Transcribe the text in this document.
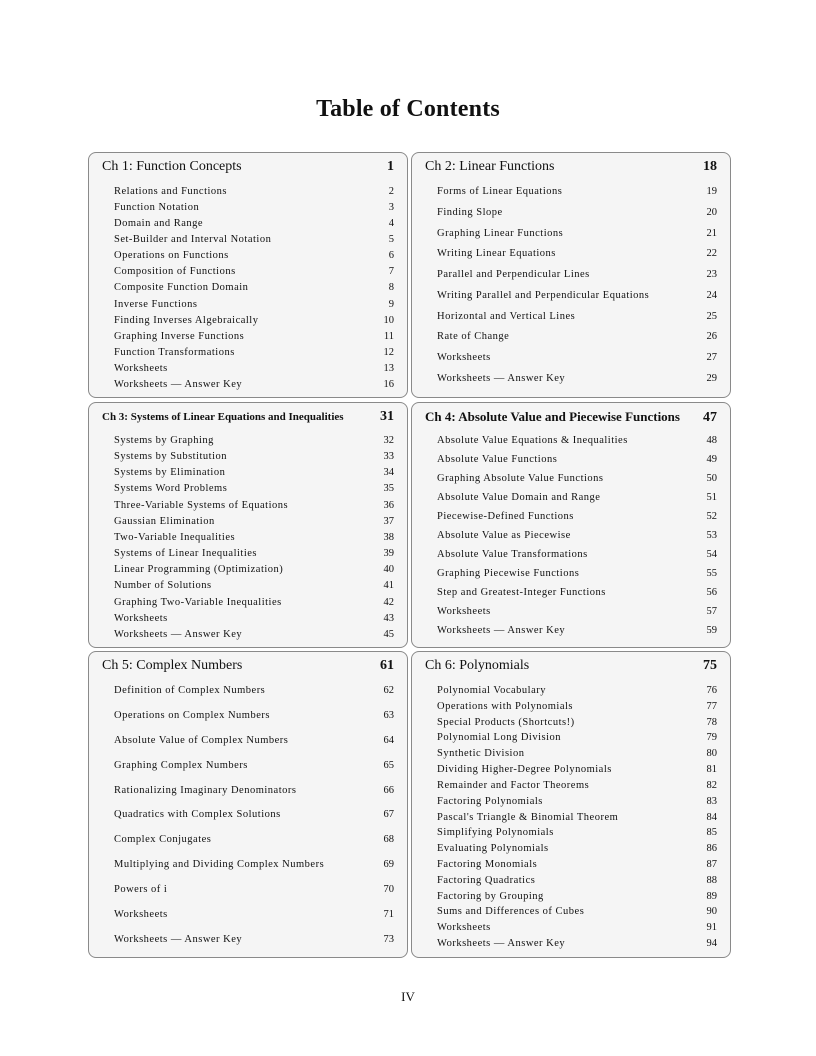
Table of Contents
Ch 1: Function Concepts	1
Relations and Functions	2
Function Notation	3
Domain and Range	4
Set-Builder and Interval Notation	5
Operations on Functions	6
Composition of Functions	7
Composite Function Domain	8
Inverse Functions	9
Finding Inverses Algebraically	10
Graphing Inverse Functions	11
Function Transformations	12
Worksheets	13
Worksheets — Answer Key	16
Ch 2: Linear Functions	18
Forms of Linear Equations	19
Finding Slope	20
Graphing Linear Functions	21
Writing Linear Equations	22
Parallel and Perpendicular Lines	23
Writing Parallel and Perpendicular Equations	24
Horizontal and Vertical Lines	25
Rate of Change	26
Worksheets	27
Worksheets — Answer Key	29
Ch 3: Systems of Linear Equations and Inequalities	31
Systems by Graphing	32
Systems by Substitution	33
Systems by Elimination	34
Systems Word Problems	35
Three-Variable Systems of Equations	36
Gaussian Elimination	37
Two-Variable Inequalities	38
Systems of Linear Inequalities	39
Linear Programming (Optimization)	40
Number of Solutions	41
Graphing Two-Variable Inequalities	42
Worksheets	43
Worksheets — Answer Key	45
Ch 4: Absolute Value and Piecewise Functions 47
Absolute Value Equations & Inequalities	48
Absolute Value Functions	49
Graphing Absolute Value Functions	50
Absolute Value Domain and Range	51
Piecewise-Defined Functions	52
Absolute Value as Piecewise	53
Absolute Value Transformations	54
Graphing Piecewise Functions	55
Step and Greatest-Integer Functions	56
Worksheets	57
Worksheets — Answer Key	59
Ch 5: Complex Numbers	61
Definition of Complex Numbers	62
Operations on Complex Numbers	63
Absolute Value of Complex Numbers	64
Graphing Complex Numbers	65
Rationalizing Imaginary Denominators	66
Quadratics with Complex Solutions	67
Complex Conjugates	68
Multiplying and Dividing Complex Numbers	69
Powers of i	70
Worksheets	71
Worksheets — Answer Key	73
Ch 6: Polynomials	75
Polynomial Vocabulary	76
Operations with Polynomials	77
Special Products (Shortcuts!)	78
Polynomial Long Division	79
Synthetic Division	80
Dividing Higher-Degree Polynomials	81
Remainder and Factor Theorems	82
Factoring Polynomials	83
Pascal's Triangle & Binomial Theorem	84
Simplifying Polynomials	85
Evaluating Polynomials	86
Factoring Monomials	87
Factoring Quadratics	88
Factoring by Grouping	89
Sums and Differences of Cubes	90
Worksheets	91
Worksheets — Answer Key	94
IV
